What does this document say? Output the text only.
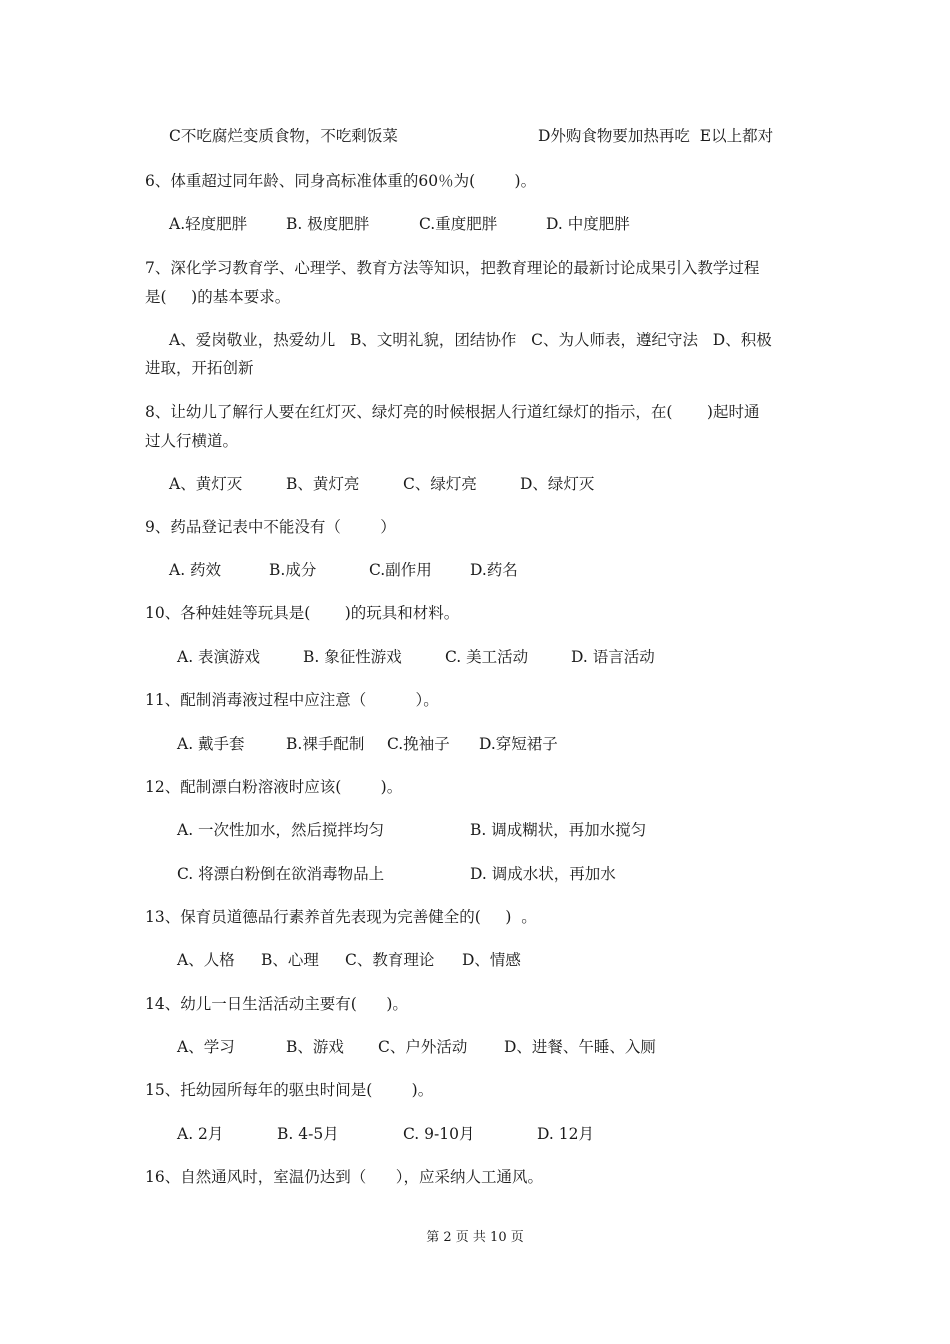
C不吃腐烂变质食物，不吃剩饭菜	D外购食物要加热再吃  E以上都对
6、体重超过同年龄、同身高标准体重的60％为(        )。
A.轻度肥胖	B. 极度肥胖	C.重度肥胖	D. 中度肥胖
7、深化学习教育学、心理学、教育方法等知识，把教育理论的最新讨论成果引入教学过程
是(     )的基本要求。
A、爱岗敬业，热爱幼儿   B、文明礼貌，团结协作   C、为人师表，遵纪守法   D、积极
进取，开拓创新
8、让幼儿了解行人要在红灯灭、绿灯亮的时候根据人行道红绿灯的指示，在(       )起时通
过人行横道。
A、黄灯灭	B、黄灯亮	C、绿灯亮	D、绿灯灭
9、药品登记表中不能没有（        ）
A. 药效	B.成分	C.副作用 D.药名
10、各种娃娃等玩具是(       )的玩具和材料。
A. 表演游戏	B. 象征性游戏	C. 美工活动	D. 语言活动
11、配制消毒液过程中应注意（          ）。
A. 戴手套	B.裸手配制 C.挽袖子 D.穿短裙子
12、配制漂白粉溶液时应该(        )。
A. 一次性加水，然后搅拌均匀	B. 调成糊状，再加水搅匀
C. 将漂白粉倒在欲消毒物品上	D. 调成水状，再加水
13、保育员道德品行素养首先表现为完善健全的(     )  。
A、人格 B、心理 C、教育理论 D、情感
14、幼儿一日生活活动主要有(      )。
A、学习	B、游戏 C、户外活动 D、进餐、午睡、入厕
15、托幼园所每年的驱虫时间是(        )。
A. 2月	B. 4-5月	C. 9-10月	D. 12月
16、自然通风时，室温仍达到（      ），应采纳人工通风。
第 2 页 共 10 页
